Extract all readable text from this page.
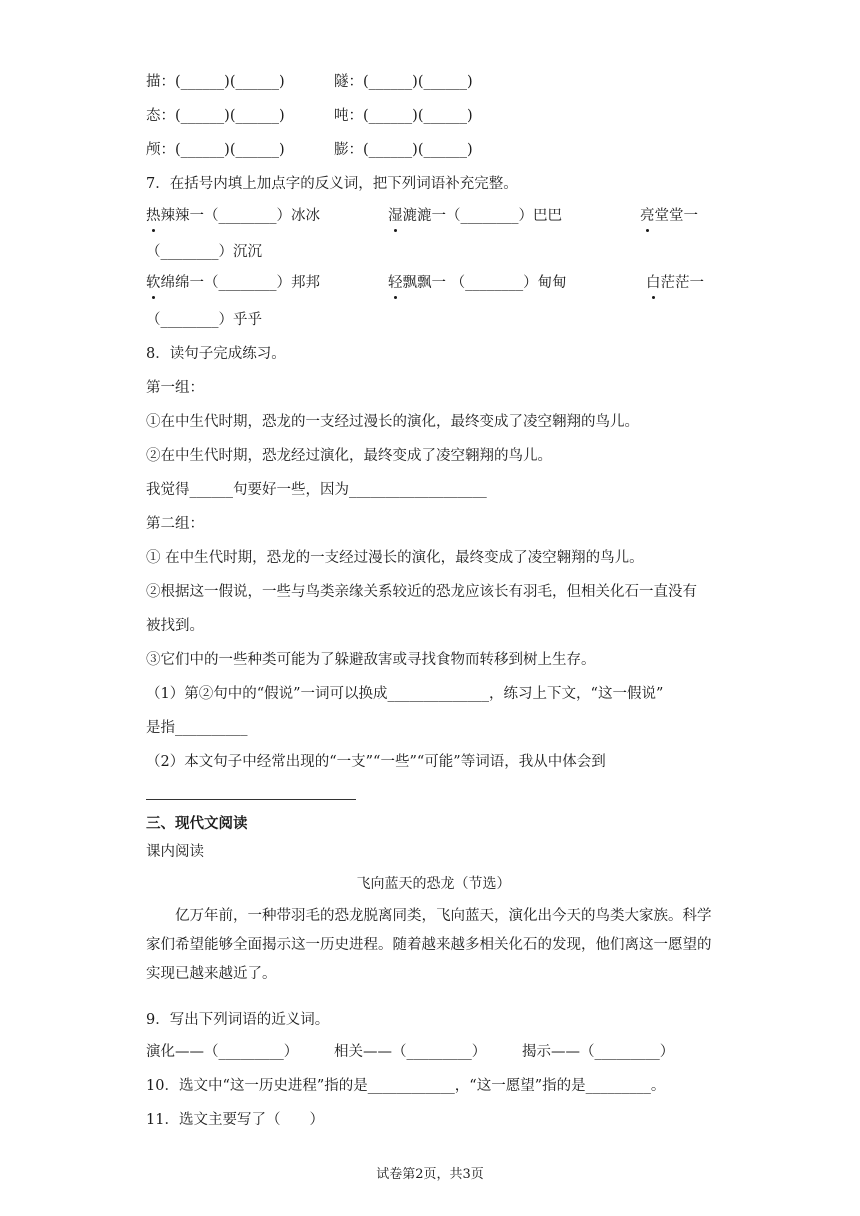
描：(______)(______)	隧：(______)(______)
态：(______)(______)	吨：(______)(______)
颅：(______)(______)	膨：(______)(______)
7．在括号内填上加点字的反义词，把下列词语补充完整。
热辣辣一（________）冰冰	湿漉漉一（________）巴巴	亮堂堂一
（________）沉沉
软绵绵一（________）邦邦	轻飘飘一 （________）甸甸	白茫茫一
（________）乎乎
8．读句子完成练习。
第一组：
①在中生代时期，恐龙的一支经过漫长的演化，最终变成了凌空翱翔的鸟儿。
②在中生代时期，恐龙经过演化，最终变成了凌空翱翔的鸟儿。
我觉得______句要好一些，因为___________________
第二组：
① 在中生代时期，恐龙的一支经过漫长的演化，最终变成了凌空翱翔的鸟儿。
②根据这一假说，一些与鸟类亲缘关系较近的恐龙应该长有羽毛，但相关化石一直没有
被找到。
③它们中的一些种类可能为了躲避敌害或寻找食物而转移到树上生存。
（1）第②句中的“假说”一词可以换成______________，练习上下文，“这一假说”
是指__________
（2）本文句子中经常出现的“一支”“一些”“可能”等词语，我从中体会到
三、现代文阅读
课内阅读
飞向蓝天的恐龙（节选）
亿万年前，一种带羽毛的恐龙脱离同类，飞向蓝天，演化出今天的鸟类大家族。科学家们希望能够全面揭示这一历史进程。随着越来越多相关化石的发现，他们离这一愿望的实现已越来越近了。
9．写出下列词语的近义词。
演化——（_________） 相关——（_________） 揭示——（_________）
10．选文中“这一历史进程”指的是____________，“这一愿望”指的是_________。
11．选文主要写了（　　）
试卷第2页，共3页
